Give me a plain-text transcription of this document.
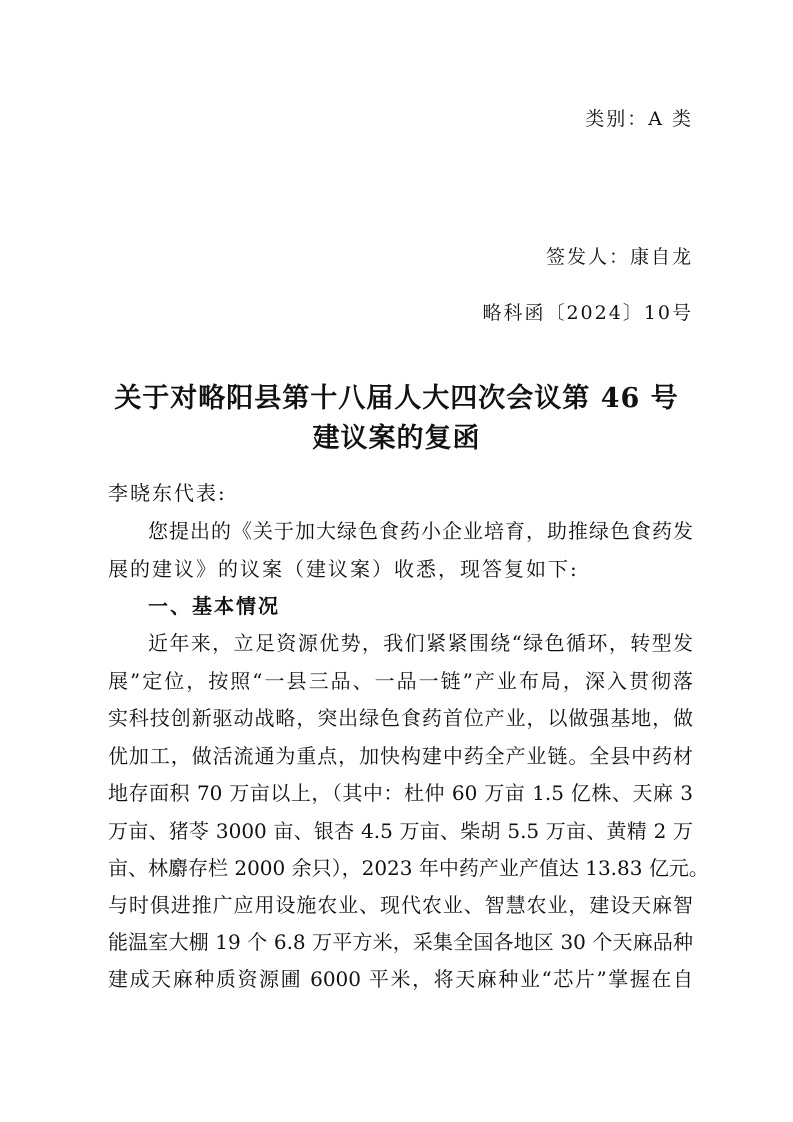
类别：A 类
签发人：康自龙
略科函〔2024〕10号
关于对略阳县第十八届人大四次会议第 46 号
建议案的复函
李晓东代表:
您提出的《关于加大绿色食药小企业培育，助推绿色食药发
展的建议》的议案（建议案）收悉，现答复如下:
一、基本情况
近年来，立足资源优势，我们紧紧围绕“绿色循环，转型发
展”定位，按照“一县三品、一品一链”产业布局，深入贯彻落
实科技创新驱动战略，突出绿色食药首位产业，以做强基地，做
优加工，做活流通为重点，加快构建中药全产业链。全县中药材
地存面积 70 万亩以上，（其中：杜仲 60 万亩 1.5 亿株、天麻 3
万亩、猪苓 3000 亩、银杏 4.5 万亩、柴胡 5.5 万亩、黄精 2 万
亩、林麝存栏 2000 余只），2023 年中药产业产值达 13.83 亿元。
与时俱进推广应用设施农业、现代农业、智慧农业，建设天麻智
能温室大棚 19 个 6.8 万平方米，采集全国各地区 30 个天麻品种
建成天麻种质资源圃 6000 平米，将天麻种业“芯片”掌握在自
